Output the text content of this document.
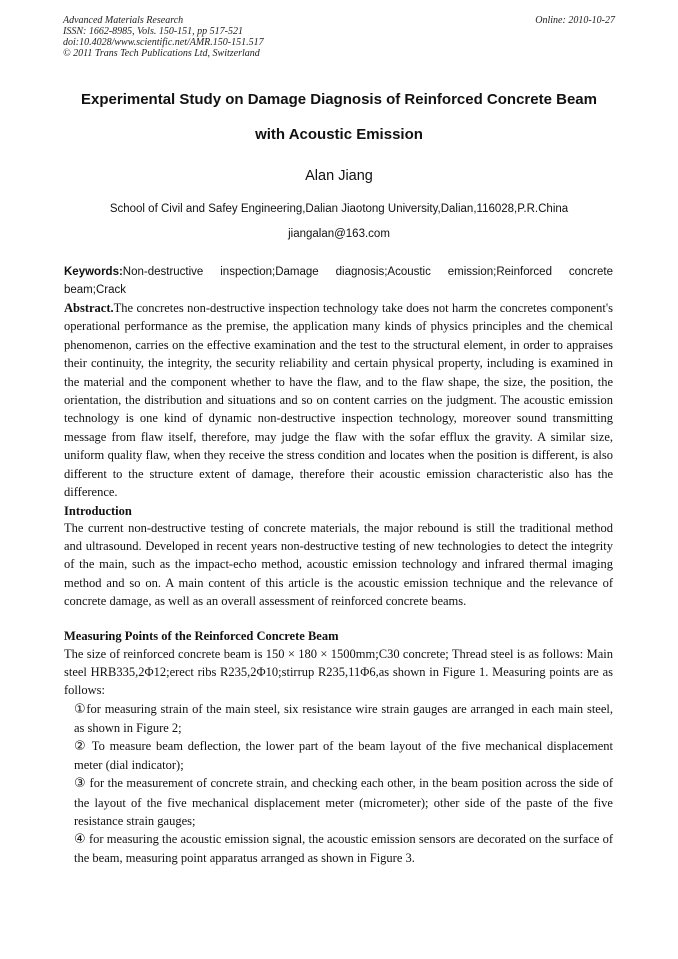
Advanced Materials Research
ISSN: 1662-8985, Vols. 150-151, pp 517-521
doi:10.4028/www.scientific.net/AMR.150-151.517
© 2011 Trans Tech Publications Ltd, Switzerland
Online: 2010-10-27
Experimental Study on Damage Diagnosis of Reinforced Concrete Beam
with Acoustic Emission
Alan Jiang
School of Civil and Safey Engineering,Dalian Jiaotong University,Dalian,116028,P.R.China
jiangalan@163.com
Keywords:Non-destructive inspection;Damage diagnosis;Acoustic emission;Reinforced concrete beam;Crack
Abstract.The concretes non-destructive inspection technology take does not harm the concretes component's operational performance as the premise, the application many kinds of physics principles and the chemical phenomenon, carries on the effective examination and the test to the structural element, in order to appraises their continuity, the integrity, the security reliability and certain physical property, including is examined in the material and the component whether to have the flaw, and to the flaw shape, the size, the position, the orientation, the distribution and situations and so on content carries on the judgment. The acoustic emission technology is one kind of dynamic non-destructive inspection technology, moreover sound transmitting message from flaw itself, therefore, may judge the flaw with the sofar efflux the gravity. A similar size, uniform quality flaw, when they receive the stress condition and locates when the position is different, is also different to the structure extent of damage, therefore their acoustic emission characteristic also has the difference.
Introduction
The current non-destructive testing of concrete materials, the major rebound is still the traditional method and ultrasound. Developed in recent years non-destructive testing of new technologies to detect the integrity of the main, such as the impact-echo method, acoustic emission technology and infrared thermal imaging method and so on. A main content of this article is the acoustic emission technique and the relevance of concrete damage, as well as an overall assessment of reinforced concrete beams.
Measuring Points of the Reinforced Concrete Beam

The size of reinforced concrete beam is 150 × 180 × 1500mm;C30 concrete; Thread steel is as follows: Main steel HRB335,2Φ12;erect ribs R235,2Φ10;stirrup R235,11Φ6,as shown in Figure 1. Measuring points are as follows:

①for measuring strain of the main steel, six resistance wire strain gauges are arranged in each main steel, as shown in Figure 2;

② To measure beam deflection, the lower part of the beam layout of the five mechanical displacement meter (dial indicator);

③ for the measurement of concrete strain, and checking each other, in the beam position across the side of the layout of the five mechanical displacement meter (micrometer); other side of the paste of the five resistance strain gauges;

④ for measuring the acoustic emission signal, the acoustic emission sensors are decorated on the surface of the beam, measuring point apparatus arranged as shown in Figure 3.
